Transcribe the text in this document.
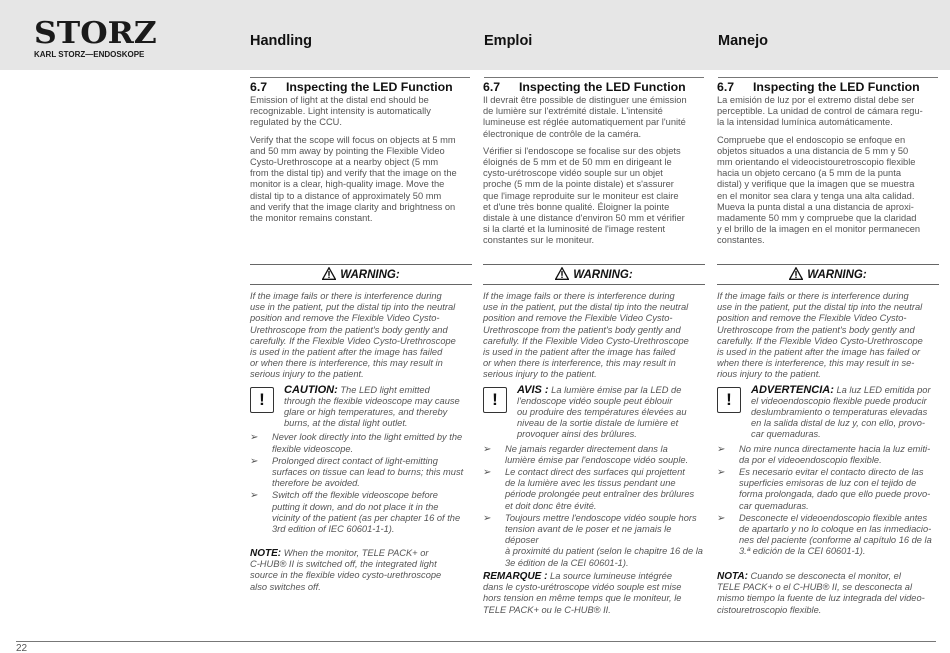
STORZ
KARL STORZ—ENDOSKOPE
Handling	Emploi	Manejo
6.7 Inspecting the LED Function
Emission of light at the distal end should be
recognizable. Light intensity is automatically
regulated by the CCU.
Verify that the scope will focus on objects at 5 mm
and 50 mm away by pointing the Flexible Video
Cysto-Urethroscope at a nearby object (5 mm
from the distal tip) and verify that the image on the
monitor is a clear, high-quality image. Move the
distal tip to a distance of approximately 50 mm
and verify that the image clarity and brightness on
the monitor remains constant.
6.7 Inspecting the LED Function
Il devrait être possible de distinguer une émission
de lumière sur l'extrémité distale. L'intensité
lumineuse est réglée automatiquement par l'unité
électronique de contrôle de la caméra.
Vérifier si l'endoscope se focalise sur des objets
éloignés de 5 mm et de 50 mm en dirigeant le
cysto-urétroscope vidéo souple sur un objet
proche (5 mm de la pointe distale) et s'assurer
que l'image reproduite sur le moniteur est claire
et d'une très bonne qualité. Éloigner la pointe
distale à une distance d'environ 50 mm et vérifier
si la clarté et la luminosité de l'image restent
constantes sur le moniteur.
6.7 Inspecting the LED Function
La emisión de luz por el extremo distal debe ser
perceptible. La unidad de control de cámara regu-
la la intensidad lumínica automáticamente.
Compruebe que el endoscopio se enfoque en
objetos situados a una distancia de 5 mm y 50
mm orientando el videocistouretroscopio flexible
hacia un objeto cercano (a 5 mm de la punta
distal) y verifique que la imagen que se muestra
en el monitor sea clara y tenga una alta calidad.
Mueva la punta distal a una distancia de aproxi-
madamente 50 mm y compruebe que la claridad
y el brillo de la imagen en el monitor permanecen
constantes.
WARNING:
If the image fails or there is interference during
use in the patient, put the distal tip into the neutral
position and remove the Flexible Video Cysto-
Urethroscope from the patient's body gently and
carefully. If the Flexible Video Cysto-Urethroscope
is used in the patient after the image has failed
or when there is interference, this may result in
serious injury to the patient.
!	CAUTION: The LED light emitted
through the flexible videoscope may cause
glare or high temperatures, and thereby
burns, at the distal light outlet.
➢	Never look directly into the light emitted by the
flexible videoscope.
➢	Prolonged direct contact of light-emitting
surfaces on tissue can lead to burns; this must
therefore be avoided.
➢	Switch off the flexible videoscope before
putting it down, and do not place it in the
vicinity of the patient (as per chapter 16 of the
3rd edition of IEC 60601-1-1).
WARNING:
If the image fails or there is interference during
use in the patient, put the distal tip into the neutral
position and remove the Flexible Video Cysto-
Urethroscope from the patient's body gently and
carefully. If the Flexible Video Cysto-Urethroscope
is used in the patient after the image has failed
or when there is interference, this may result in
serious injury to the patient.
!	AVIS : La lumière émise par la LED de
l'endoscope vidéo souple peut éblouir
ou produire des températures élevées au
niveau de la sortie distale de lumière et
provoquer ainsi des brûlures.
➢	Ne jamais regarder directement dans la
lumière émise par l'endoscope vidéo souple.
➢	Le contact direct des surfaces qui projettent
de la lumière avec les tissus pendant une
période prolongée peut entraîner des brûlures
et doit donc être évité.
➢	Toujours mettre l'endoscope vidéo souple hors
tension avant de le poser et ne jamais le déposer
à proximité du patient (selon le chapitre 16 de la
3e édition de la CEI 60601-1).
WARNING:
If the image fails or there is interference during
use in the patient, put the distal tip into the neutral
position and remove the Flexible Video Cysto-
Urethroscope from the patient's body gently and
carefully. If the Flexible Video Cysto-Urethroscope
is used in the patient after the image has failed or
when there is interference, this may result in se-
rious injury to the patient.
!	ADVERTENCIA: La luz LED emitida por
el videoendoscopio flexible puede producir
deslumbramiento o temperaturas elevadas
en la salida distal de luz y, con ello, provo-
car quemaduras.
➢	No mire nunca directamente hacia la luz emiti-
da por el videoendoscopio flexible.
➢	Es necesario evitar el contacto directo de las
superficies emisoras de luz con el tejido de
forma prolongada, dado que ello puede provo-
car quemaduras.
➢	Desconecte el videoendoscopio flexible antes
de apartarlo y no lo coloque en las inmediacio-
nes del paciente (conforme al capítulo 16 de la
3.ª edición de la CEI 60601-1).
NOTE: When the monitor, TELE PACK+ or
C-HUB® II is switched off, the integrated light
source in the flexible video cysto-urethroscope
also switches off.
REMARQUE : La source lumineuse intégrée
dans le cysto-urétroscope vidéo souple est mise
hors tension en même temps que le moniteur, le
TELE PACK+ ou le C-HUB® II.
NOTA: Cuando se desconecta el monitor, el
TELE PACK+ o el C-HUB® II, se desconecta al
mismo tiempo la fuente de luz integrada del video-
cistouretroscopio flexible.
22
